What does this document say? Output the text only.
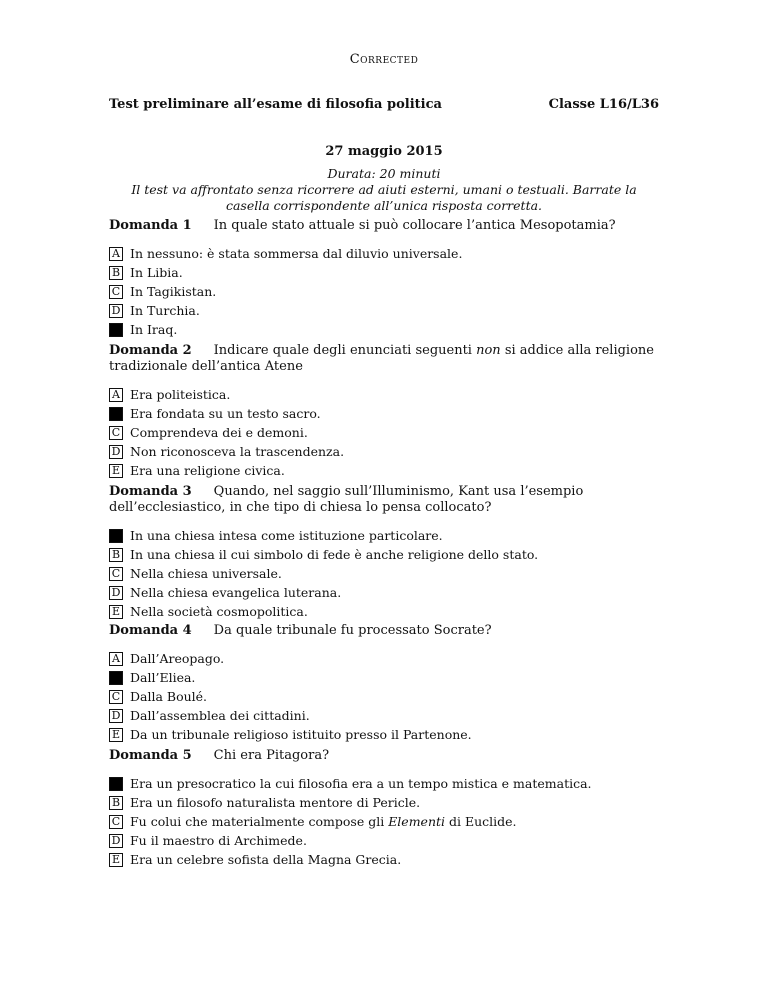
Corrected
Test preliminare all’esame di filosofia politica	Classe L16/L36
27 maggio 2015
Durata: 20 minuti
Il test va affrontato senza ricorrere ad aiuti esterni, umani o testuali. Barrate la casella corrispondente all’unica risposta corretta.
Domanda 1 In quale stato attuale si può collocare l’antica Mesopotamia?
A In nessuno: è stata sommersa dal diluvio universale.
B In Libia.
C In Tagikistan.
D In Turchia.
In Iraq.
Domanda 2 Indicare quale degli enunciati seguenti non si addice alla religione tradizionale dell’antica Atene
A Era politeistica.
Era fondata su un testo sacro.
C Comprendeva dei e demoni.
D Non riconosceva la trascendenza.
E Era una religione civica.
Domanda 3 Quando, nel saggio sull’Illuminismo, Kant usa l’esempio dell’ecclesiastico, in che tipo di chiesa lo pensa collocato?
In una chiesa intesa come istituzione particolare.
B In una chiesa il cui simbolo di fede è anche religione dello stato.
C Nella chiesa universale.
D Nella chiesa evangelica luterana.
E Nella società cosmopolitica.
Domanda 4 Da quale tribunale fu processato Socrate?
A Dall’Areopago.
Dall’Eliea.
C Dalla Boulé.
D Dall’assemblea dei cittadini.
E Da un tribunale religioso istituito presso il Partenone.
Domanda 5 Chi era Pitagora?
Era un presocratico la cui filosofia era a un tempo mistica e matematica.
B Era un filosofo naturalista mentore di Pericle.
C Fu colui che materialmente compose gli Elementi di Euclide.
D Fu il maestro di Archimede.
E Era un celebre sofista della Magna Grecia.
